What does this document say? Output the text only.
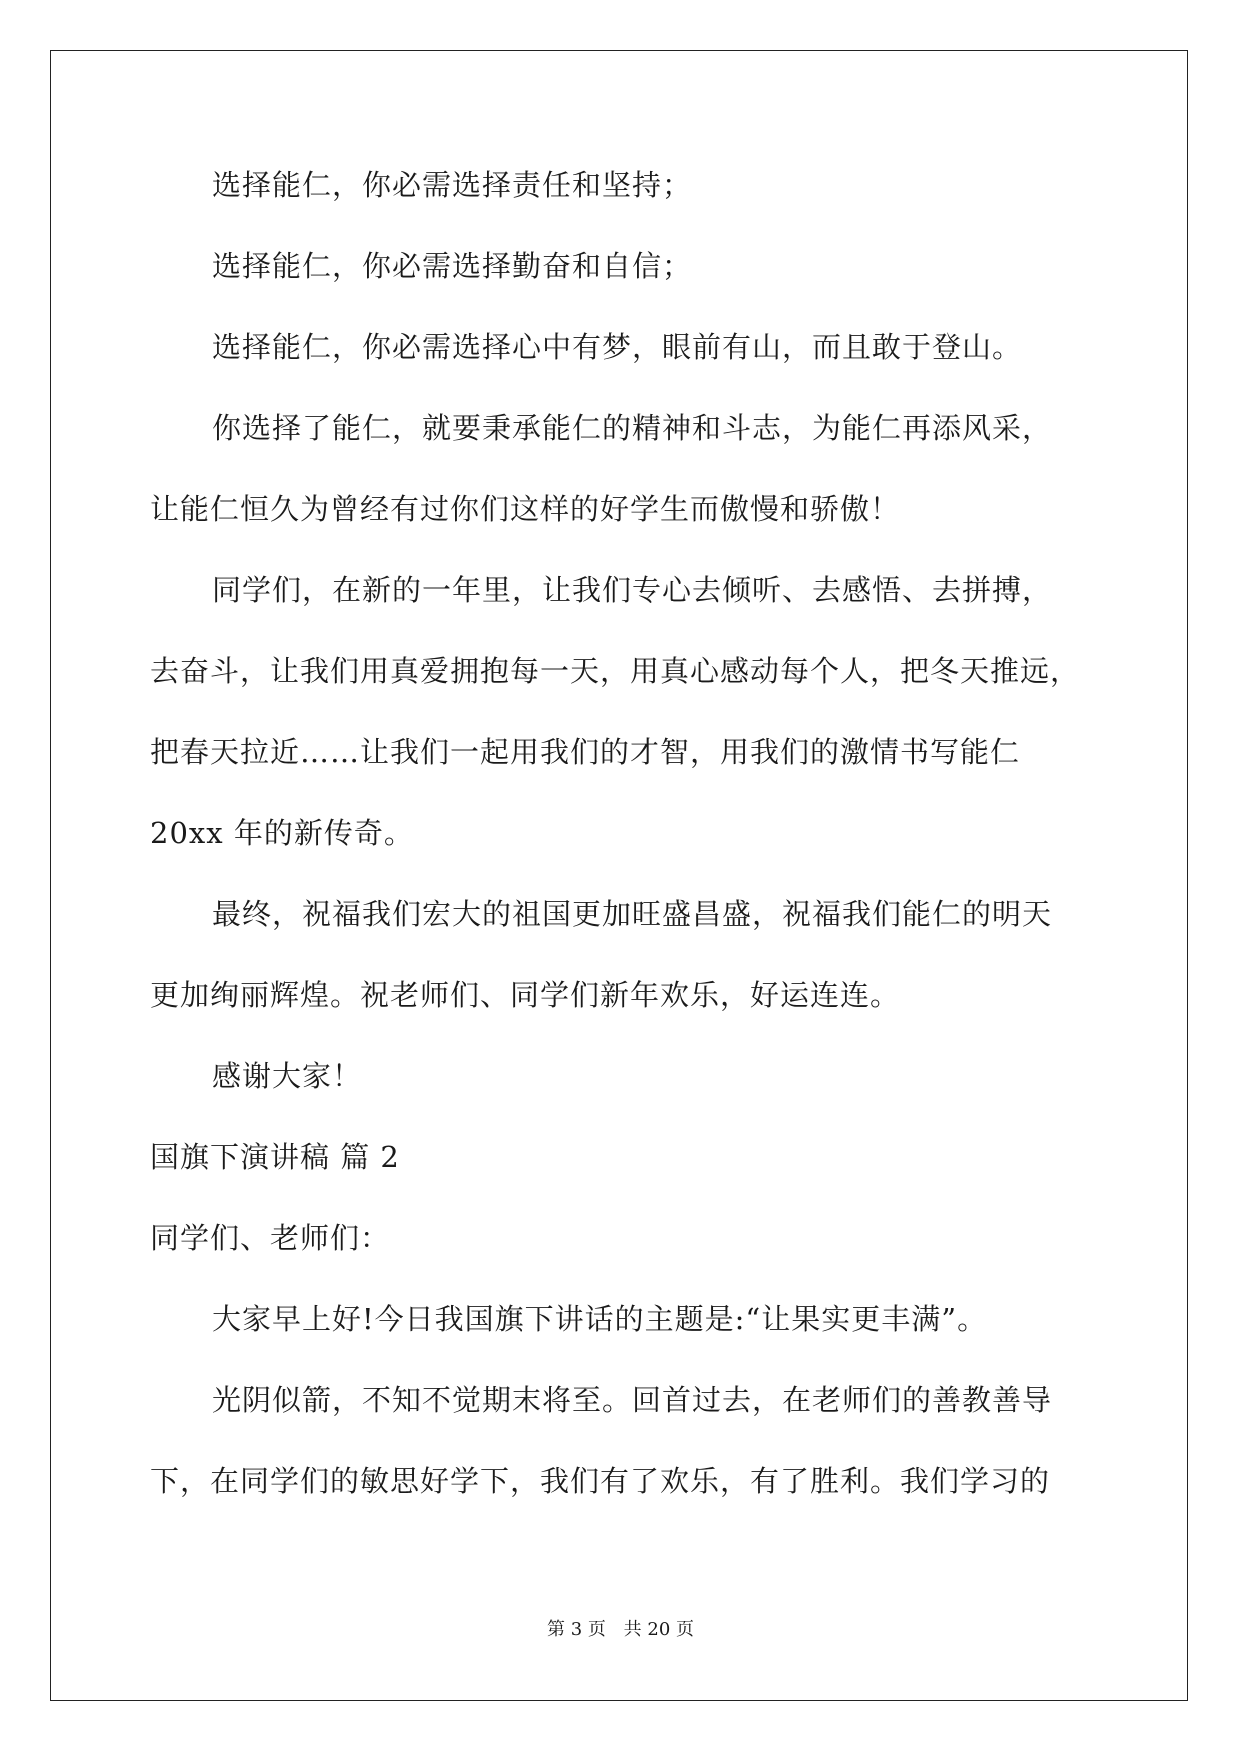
选择能仁，你必需选择责任和坚持；
选择能仁，你必需选择勤奋和自信；
选择能仁，你必需选择心中有梦，眼前有山，而且敢于登山。
你选择了能仁，就要秉承能仁的精神和斗志，为能仁再添风采，
让能仁恒久为曾经有过你们这样的好学生而傲慢和骄傲！
同学们，在新的一年里，让我们专心去倾听、去感悟、去拼搏，
去奋斗，让我们用真爱拥抱每一天，用真心感动每个人，把冬天推远，
把春天拉近……让我们一起用我们的才智，用我们的激情书写能仁
20xx 年的新传奇。
最终，祝福我们宏大的祖国更加旺盛昌盛，祝福我们能仁的明天
更加绚丽辉煌。祝老师们、同学们新年欢乐，好运连连。
感谢大家！
国旗下演讲稿 篇 2
同学们、老师们：
大家早上好!今日我国旗下讲话的主题是:“让果实更丰满”。
光阴似箭，不知不觉期末将至。回首过去，在老师们的善教善导
下，在同学们的敏思好学下，我们有了欢乐，有了胜利。我们学习的
第 3 页 共 20 页
